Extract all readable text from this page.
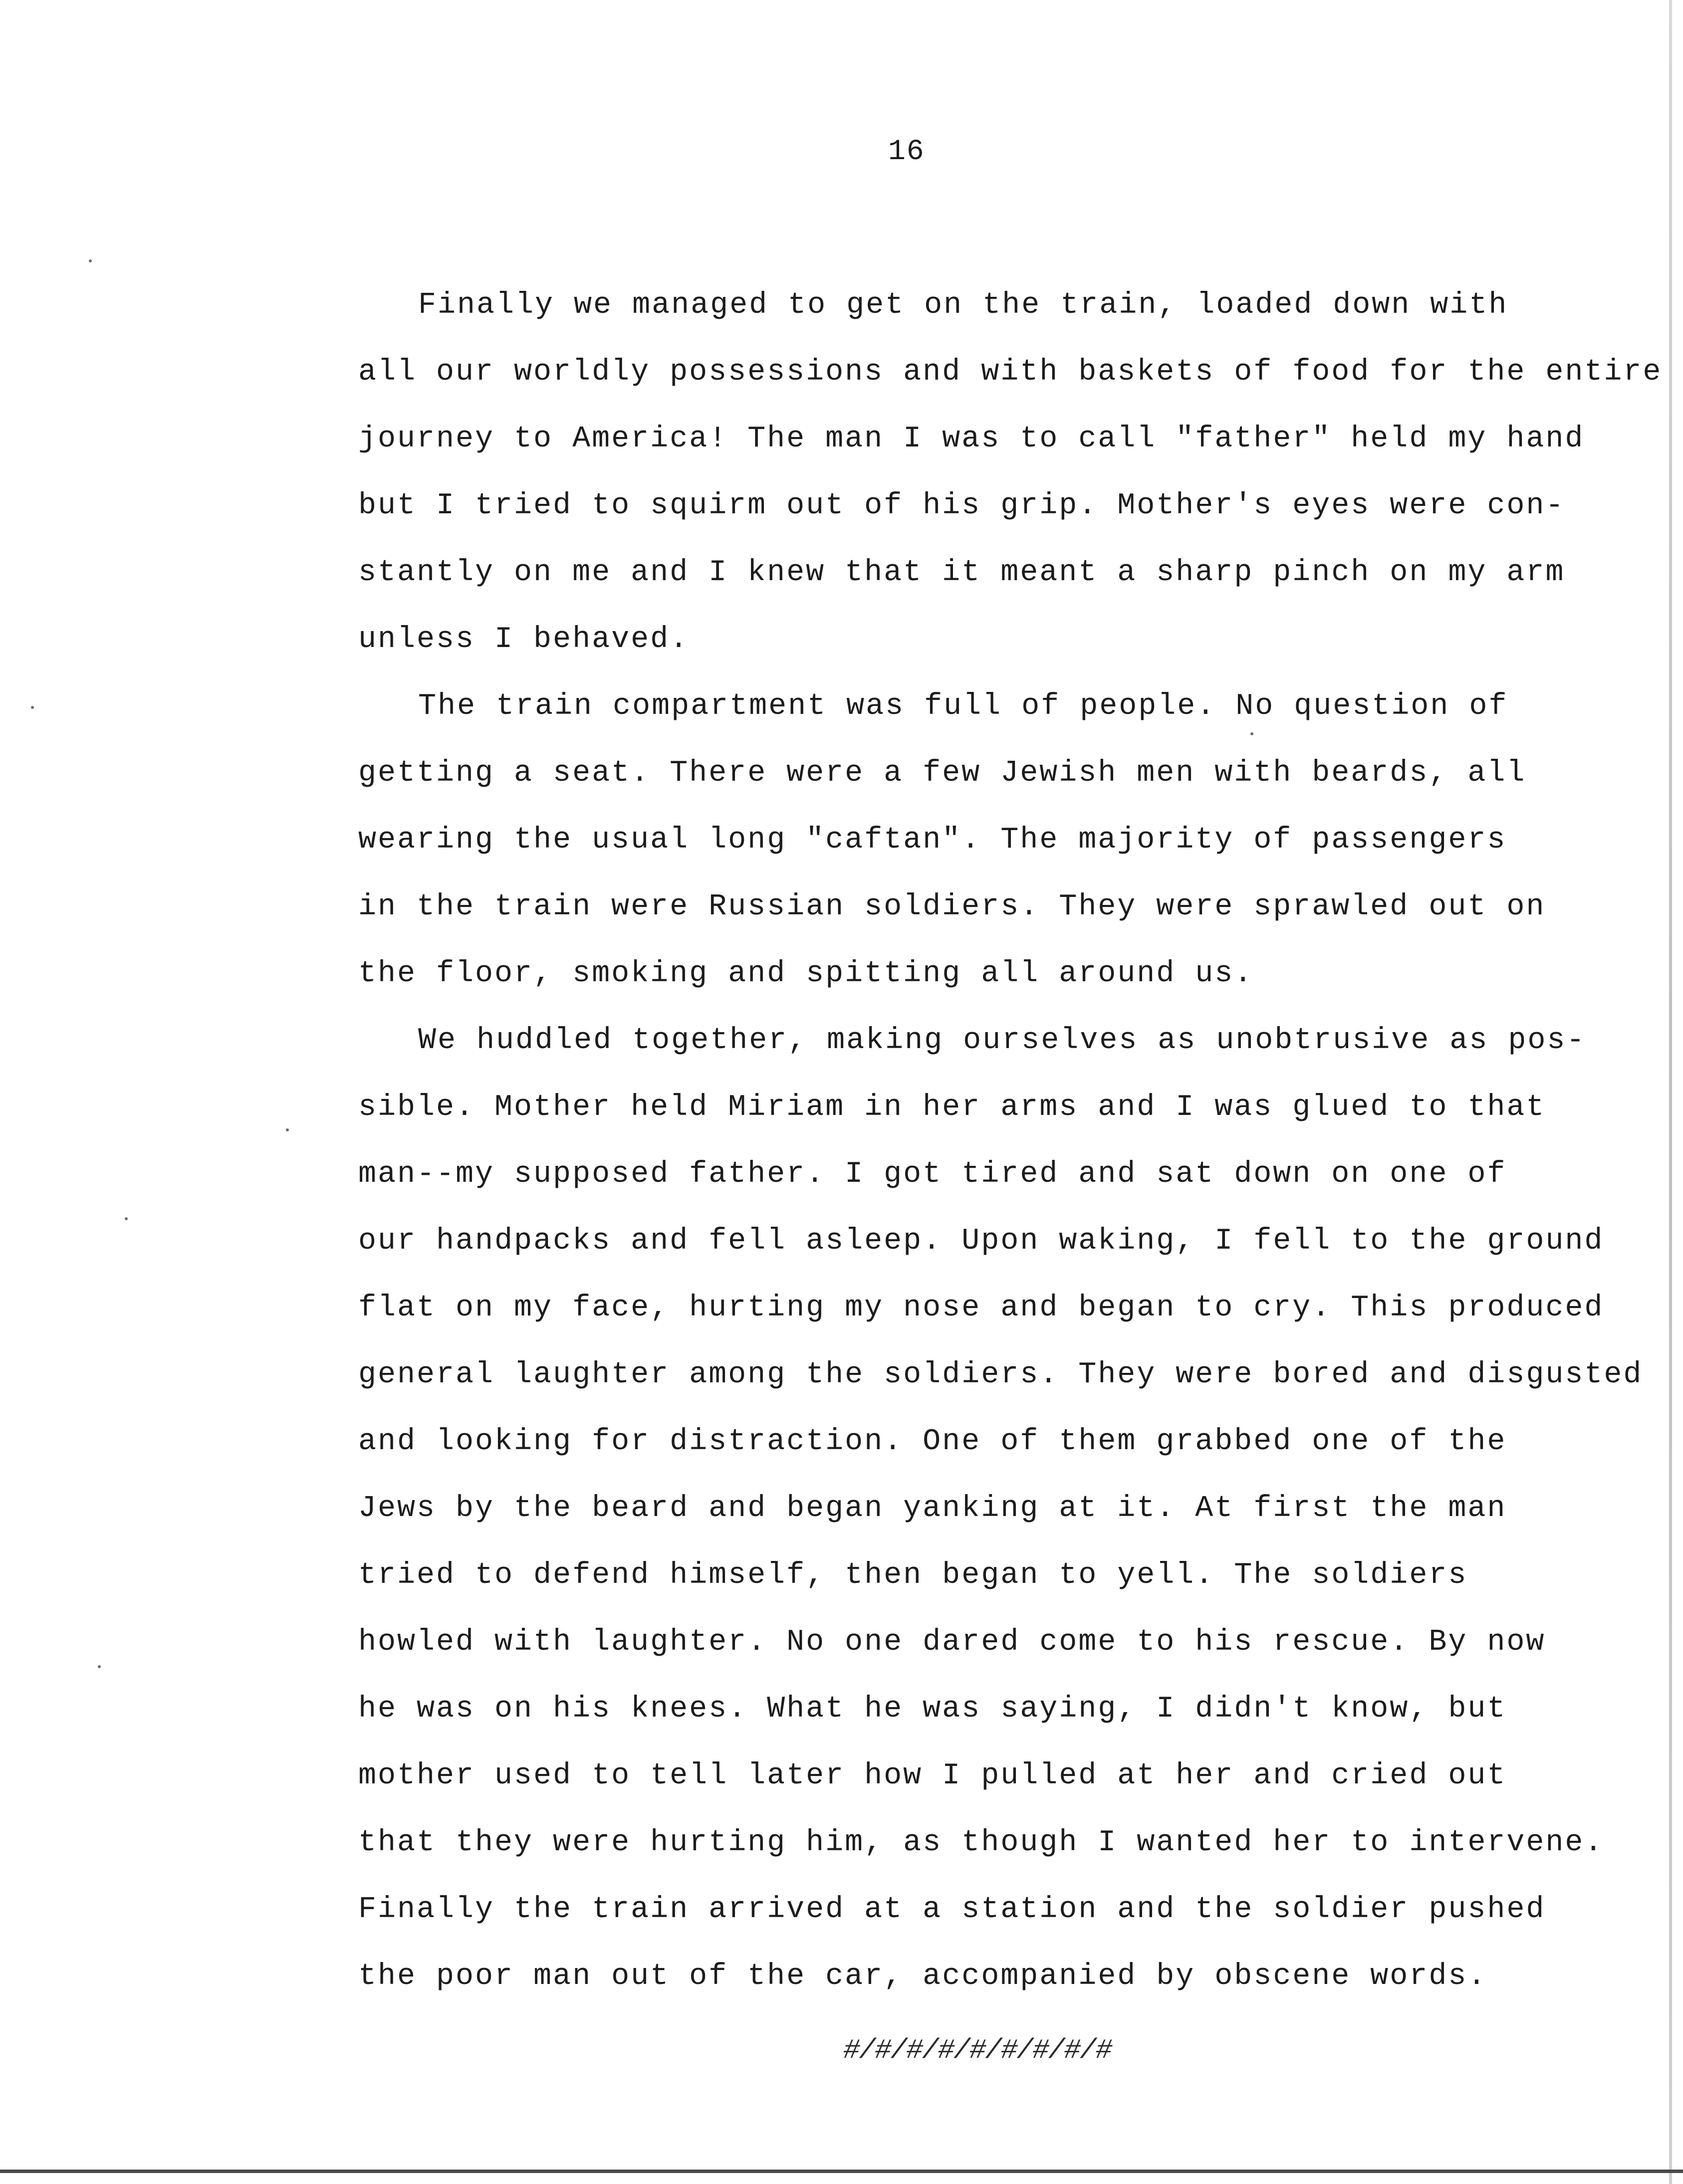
16
Finally we managed to get on the train, loaded down with
all our worldly possessions and with baskets of food for the entire
journey to America! The man I was to call "father" held my hand
but I tried to squirm out of his grip. Mother's eyes were con-
stantly on me and I knew that it meant a sharp pinch on my arm
unless I behaved.
The train compartment was full of people. No question of
getting a seat. There were a few Jewish men with beards, all
wearing the usual long "caftan". The majority of passengers
in the train were Russian soldiers. They were sprawled out on
the floor, smoking and spitting all around us.
We huddled together, making ourselves as unobtrusive as pos-
sible. Mother held Miriam in her arms and I was glued to that
man--my supposed father. I got tired and sat down on one of
our handpacks and fell asleep. Upon waking, I fell to the ground
flat on my face, hurting my nose and began to cry. This produced
general laughter among the soldiers. They were bored and disgusted
and looking for distraction. One of them grabbed one of the
Jews by the beard and began yanking at it. At first the man
tried to defend himself, then began to yell. The soldiers
howled with laughter. No one dared come to his rescue. By now
he was on his knees. What he was saying, I didn't know, but
mother used to tell later how I pulled at her and cried out
that they were hurting him, as though I wanted her to intervene.
Finally the train arrived at a station and the soldier pushed
the poor man out of the car, accompanied by obscene words.
#/#/#/#/#/#/#/#/#
